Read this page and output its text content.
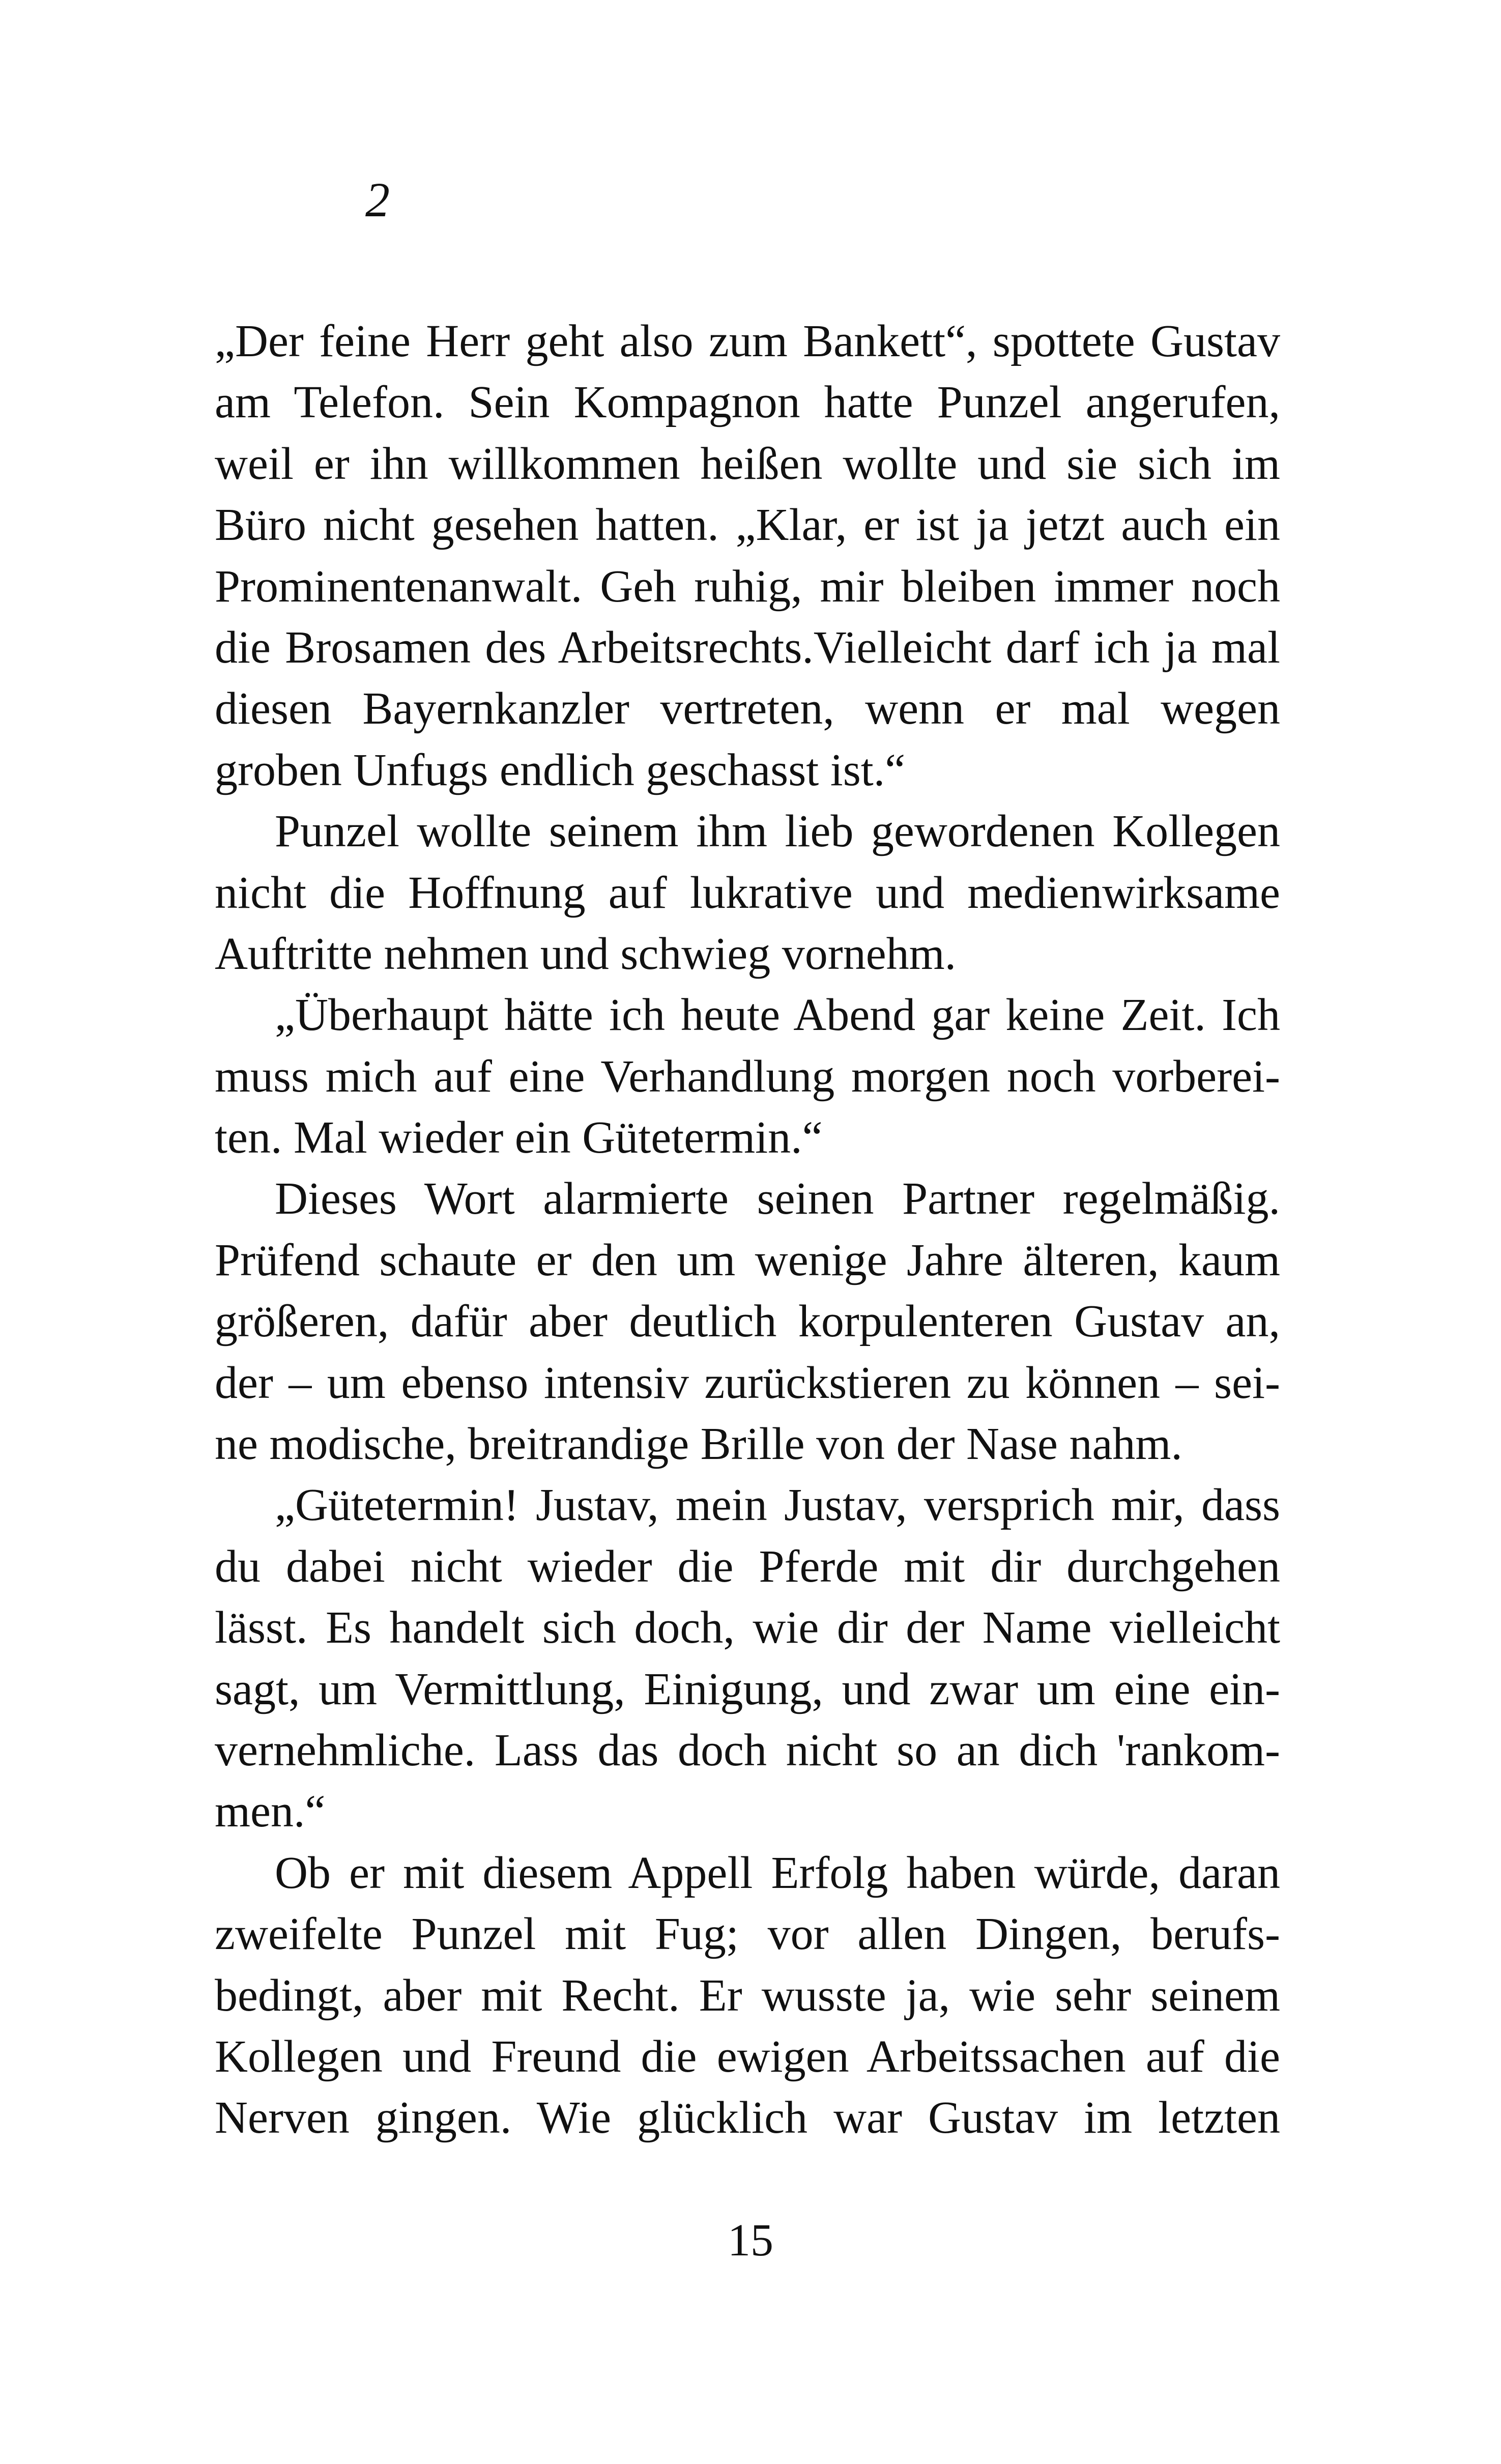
2
„Der feine Herr geht also zum Bankett“, spottete Gustav
am Telefon. Sein Kompagnon hatte Punzel angerufen,
weil er ihn willkommen heißen wollte und sie sich im
Büro nicht gesehen hatten. „Klar, er ist ja jetzt auch ein
Prominentenanwalt. Geh ruhig, mir bleiben immer noch
die Brosamen des Arbeitsrechts.Vielleicht darf ich ja mal
diesen Bayernkanzler vertreten, wenn er mal wegen
groben Unfugs endlich geschasst ist.“
Punzel wollte seinem ihm lieb gewordenen Kollegen
nicht die Hoffnung auf lukrative und medienwirksame
Auftritte nehmen und schwieg vornehm.
„Überhaupt hätte ich heute Abend gar keine Zeit. Ich
muss mich auf eine Verhandlung morgen noch vorberei-
ten. Mal wieder ein Gütetermin.“
Dieses Wort alarmierte seinen Partner regelmäßig.
Prüfend schaute er den um wenige Jahre älteren, kaum
größeren, dafür aber deutlich korpulenteren Gustav an,
der – um ebenso intensiv zurückstieren zu können – sei-
ne modische, breitrandige Brille von der Nase nahm.
„Gütetermin! Justav, mein Justav, versprich mir, dass
du dabei nicht wieder die Pferde mit dir durchgehen
lässt. Es handelt sich doch, wie dir der Name vielleicht
sagt, um Vermittlung, Einigung, und zwar um eine ein-
vernehmliche. Lass das doch nicht so an dich 'rankom-
men.“
Ob er mit diesem Appell Erfolg haben würde, daran
zweifelte Punzel mit Fug; vor allen Dingen, berufs-
bedingt, aber mit Recht. Er wusste ja, wie sehr seinem
Kollegen und Freund die ewigen Arbeitssachen auf die
Nerven gingen. Wie glücklich war Gustav im letzten
15
